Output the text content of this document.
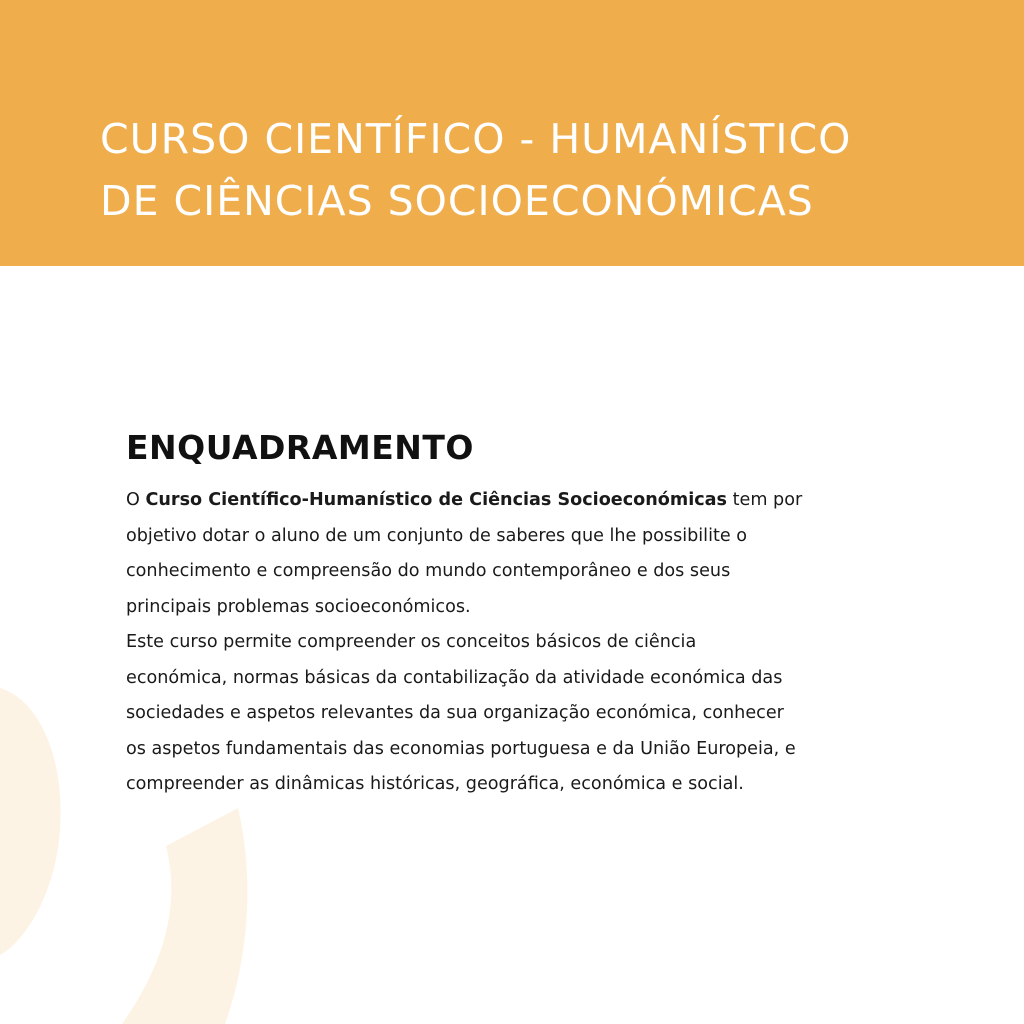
CURSO CIENTÍFICO - HUMANÍSTICO
DE CIÊNCIAS SOCIOECONÓMICAS
ENQUADRAMENTO
O Curso Científico-Humanístico de Ciências Socioeconómicas tem por
objetivo dotar o aluno de um conjunto de saberes que lhe possibilite o
conhecimento e compreensão do mundo contemporâneo e dos seus
principais problemas socioeconómicos.
Este curso permite compreender os conceitos básicos de ciência
económica, normas básicas da contabilização da atividade económica das
sociedades e aspetos relevantes da sua organização económica, conhecer
os aspetos fundamentais das economias portuguesa e da União Europeia, e
compreender as dinâmicas históricas, geográfica, económica e social.
